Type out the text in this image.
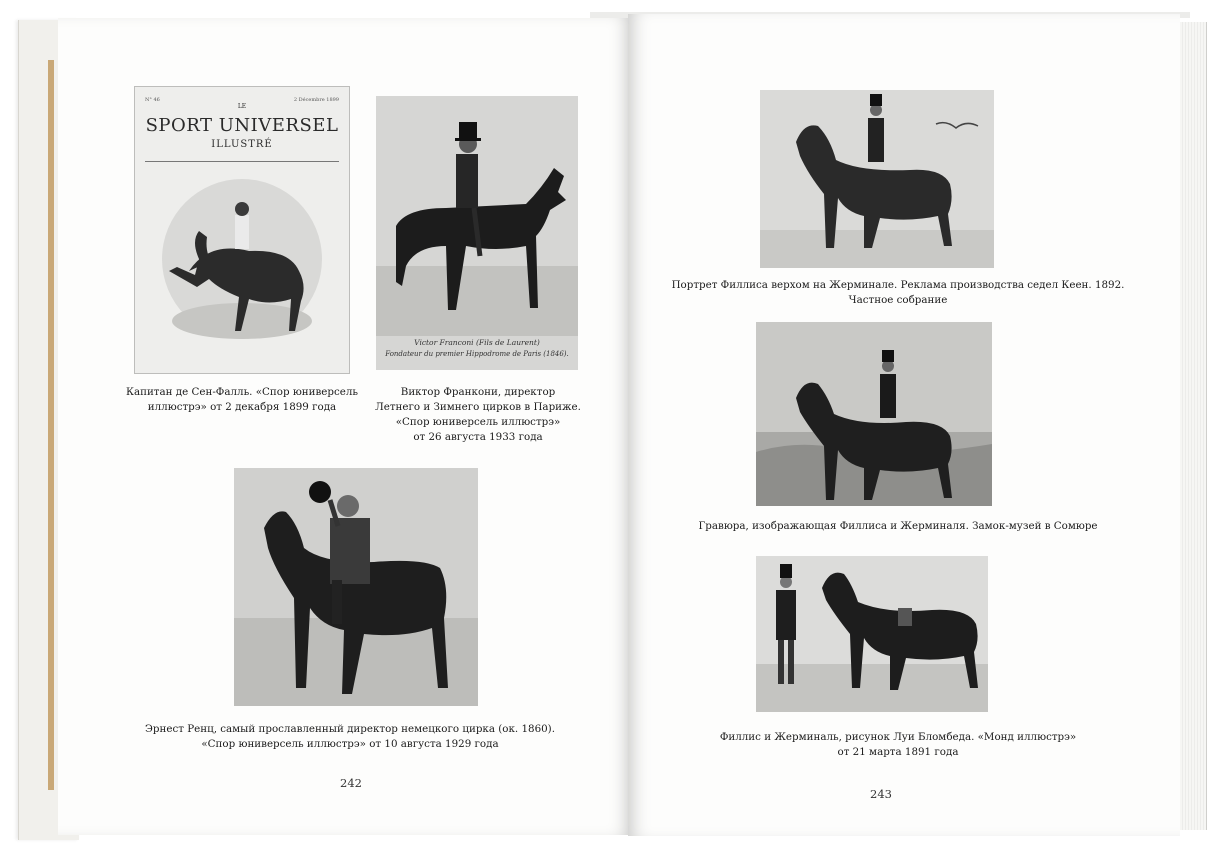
N° 46	2 Décembre 1899
LE
SPORT UNIVERSEL
ILLUSTRÉ
Victor Franconi (Fils de Laurent)
Fondateur du premier Hippodrome de Paris (1846).
Капитан де Сен-Фалль. «Спор юниверсель
иллюстрэ» от 2 декабря 1899 года
Виктор Франкони, директор
Летнего и Зимнего цирков в Париже.
«Спор юниверсель иллюстрэ»
от 26 августа 1933 года
Эрнест Ренц, самый прославленный директор немецкого цирка (ок. 1860).
«Спор юниверсель иллюстрэ» от 10 августа 1929 года
242
Портрет Филлиса верхом на Жерминале. Реклама производства седел Кеен. 1892.
Частное собрание
Гравюра, изображающая Филлиса и Жерминаля. Замок-музей в Сомюре
Филлис и Жерминаль, рисунок Луи Бломбеда. «Монд иллюстрэ»
от 21 марта 1891 года
243
